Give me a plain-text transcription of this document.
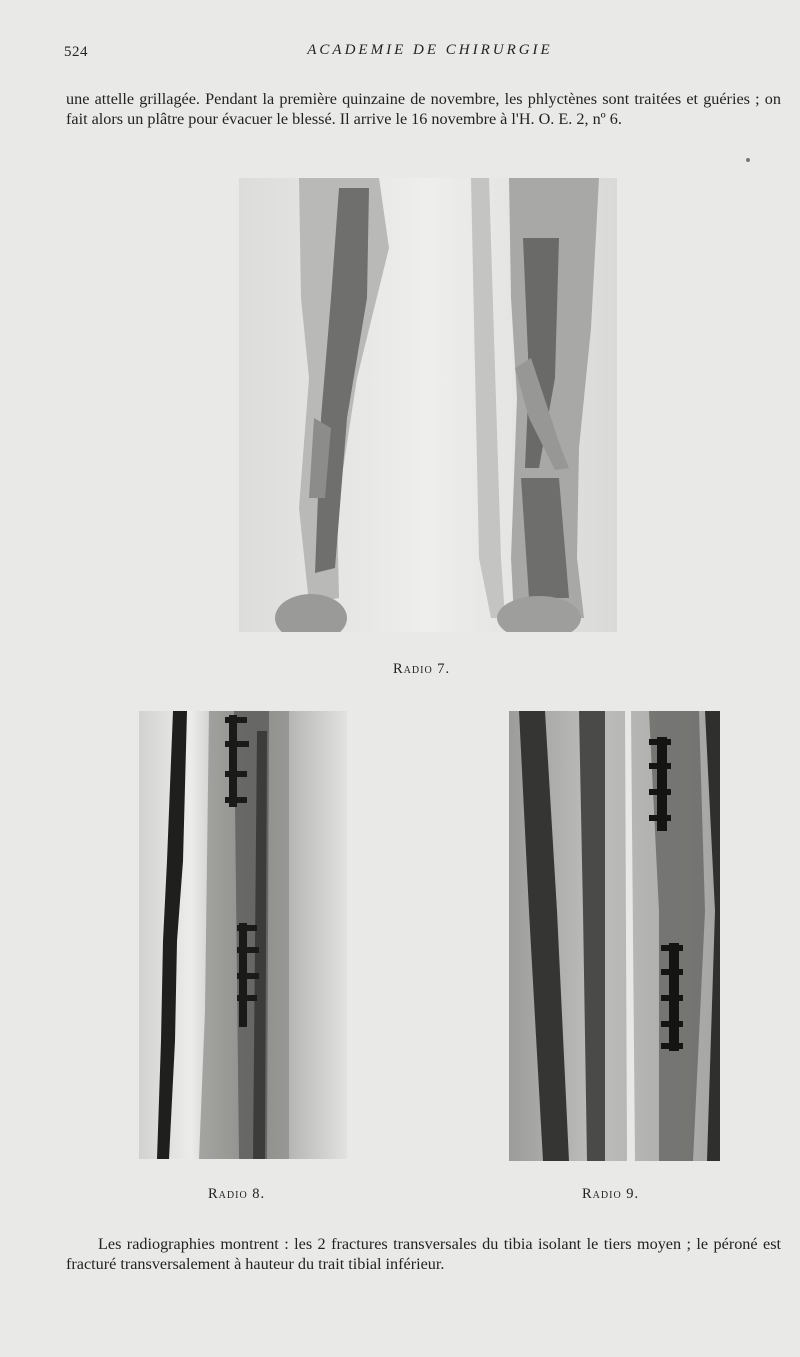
524	ACADEMIE DE CHIRURGIE
une attelle grillagée. Pendant la première quinzaine de novembre, les phlyctènes sont traitées et guéries ; on fait alors un plâtre pour évacuer le blessé. Il arrive le 16 novembre à l'H. O. E. 2, nº 6.
Radio 7.
Radio 8.	Radio 9.
Les radiographies montrent : les 2 fractures transversales du tibia isolant le tiers moyen ; le péroné est fracturé transversalement à hauteur du trait tibial inférieur.
